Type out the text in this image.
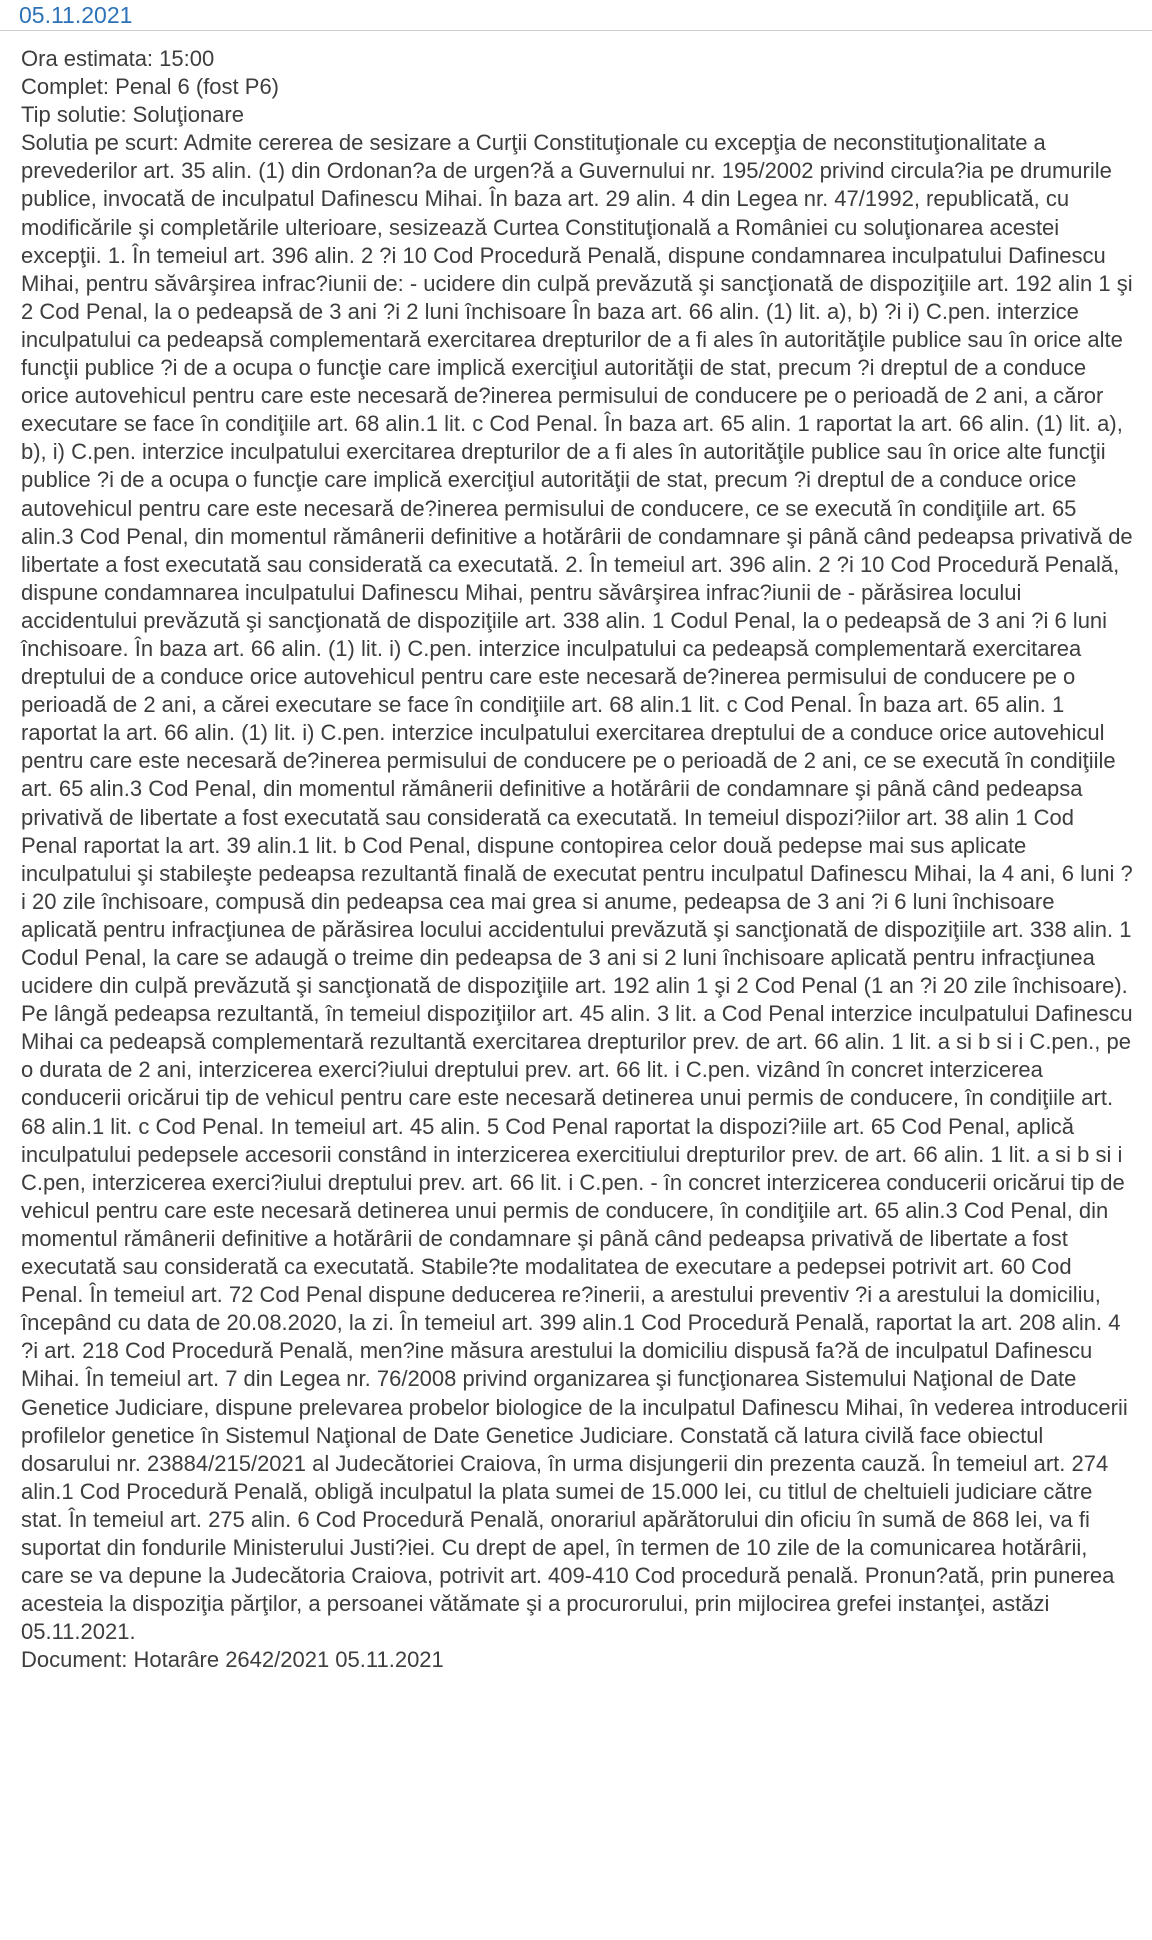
05.11.2021

Ora estimata: 15:00

Complet: Penal 6 (fost P6)

Tip solutie: Soluţionare

Solutia pe scurt: Admite cererea de sesizare a Curţii Constituţionale cu excepţia de neconstituţionalitate a prevederilor art. 35 alin. (1) din Ordonan?a de urgen?ă a Guvernului nr. 195/2002 privind circula?ia pe drumurile publice, invocată de inculpatul Dafinescu Mihai. În baza art. 29 alin. 4 din Legea nr. 47/1992, republicată, cu modificările şi completările ulterioare, sesizează Curtea Constituţională a României cu soluţionarea acestei excepţii. 1. În temeiul art. 396 alin. 2 ?i 10 Cod Procedură Penală, dispune condamnarea inculpatului Dafinescu Mihai, pentru săvârşirea infrac?iunii de: - ucidere din culpă prevăzută şi sancţionată de dispoziţiile art. 192 alin 1 şi 2 Cod Penal, la o pedeapsă de 3 ani ?i 2 luni închisoare În baza art. 66 alin. (1) lit. a), b) ?i i) C.pen. interzice inculpatului ca pedeapsă complementară exercitarea drepturilor de a fi ales în autorităţile publice sau în orice alte funcţii publice ?i de a ocupa o funcţie care implică exerciţiul autorităţii de stat, precum ?i dreptul de a conduce orice autovehicul pentru care este necesară de?inerea permisului de conducere pe o perioadă de 2 ani, a căror executare se face în condiţiile art. 68 alin.1 lit. c Cod Penal. În baza art. 65 alin. 1 raportat la art. 66 alin. (1) lit. a), b), i) C.pen. interzice inculpatului exercitarea drepturilor de a fi ales în autorităţile publice sau în orice alte funcţii publice ?i de a ocupa o funcţie care implică exerciţiul autorităţii de stat, precum ?i dreptul de a conduce orice autovehicul pentru care este necesară de?inerea permisului de conducere, ce se execută în condiţiile art. 65 alin.3 Cod Penal, din momentul rămânerii definitive a hotărârii de condamnare şi până când pedeapsa privativă de libertate a fost executată sau considerată ca executată. 2. În temeiul art. 396 alin. 2 ?i 10 Cod Procedură Penală, dispune condamnarea inculpatului Dafinescu Mihai, pentru săvârşirea infrac?iunii de - părăsirea locului accidentului prevăzută şi sancţionată de dispoziţiile art. 338 alin. 1 Codul Penal, la o pedeapsă de 3 ani ?i 6 luni închisoare. În baza art. 66 alin. (1) lit. i) C.pen. interzice inculpatului ca pedeapsă complementară exercitarea dreptului de a conduce orice autovehicul pentru care este necesară de?inerea permisului de conducere pe o perioadă de 2 ani, a cărei executare se face în condiţiile art. 68 alin.1 lit. c Cod Penal. În baza art. 65 alin. 1 raportat la art. 66 alin. (1) lit. i) C.pen. interzice inculpatului exercitarea dreptului de a conduce orice autovehicul pentru care este necesară de?inerea permisului de conducere pe o perioadă de 2 ani, ce se execută în condiţiile art. 65 alin.3 Cod Penal, din momentul rămânerii definitive a hotărârii de condamnare şi până când pedeapsa privativă de libertate a fost executată sau considerată ca executată. In temeiul dispozi?iilor art. 38 alin 1 Cod Penal raportat la art. 39 alin.1 lit. b Cod Penal, dispune contopirea celor două pedepse mai sus aplicate inculpatului şi stabileşte pedeapsa rezultantă finală de executat pentru inculpatul Dafinescu Mihai, la 4 ani, 6 luni ?i 20 zile închisoare, compusă din pedeapsa cea mai grea si anume, pedeapsa de 3 ani ?i 6 luni închisoare aplicată pentru infracţiunea de părăsirea locului accidentului prevăzută şi sancţionată de dispoziţiile art. 338 alin. 1 Codul Penal, la care se adaugă o treime din pedeapsa de 3 ani si 2 luni închisoare aplicată pentru infracţiunea ucidere din culpă prevăzută şi sancţionată de dispoziţiile art. 192 alin 1 şi 2 Cod Penal (1 an ?i 20 zile închisoare). Pe lângă pedeapsa rezultantă, în temeiul dispoziţiilor art. 45 alin. 3 lit. a Cod Penal interzice inculpatului Dafinescu Mihai ca pedeapsă complementară rezultantă exercitarea drepturilor prev. de art. 66 alin. 1 lit. a si b si i C.pen., pe o durata de 2 ani, interzicerea exerci?iului dreptului prev. art. 66 lit. i C.pen. vizând în concret interzicerea conducerii oricărui tip de vehicul pentru care este necesară detinerea unui permis de conducere, în condiţiile art. 68 alin.1 lit. c Cod Penal. In temeiul art. 45 alin. 5 Cod Penal raportat la dispozi?iile art. 65 Cod Penal, aplică inculpatului pedepsele accesorii constând in interzicerea exercitiului drepturilor prev. de art. 66 alin. 1 lit. a si b si i C.pen, interzicerea exerci?iului dreptului prev. art. 66 lit. i C.pen. - în concret interzicerea conducerii oricărui tip de vehicul pentru care este necesară detinerea unui permis de conducere, în condiţiile art. 65 alin.3 Cod Penal, din momentul rămânerii definitive a hotărârii de condamnare şi până când pedeapsa privativă de libertate a fost executată sau considerată ca executată. Stabile?te modalitatea de executare a pedepsei potrivit art. 60 Cod Penal. În temeiul art. 72 Cod Penal dispune deducerea re?inerii, a arestului preventiv ?i a arestului la domiciliu, începând cu data de 20.08.2020, la zi. În temeiul art. 399 alin.1 Cod Procedură Penală, raportat la art. 208 alin. 4 ?i art. 218 Cod Procedură Penală, men?ine măsura arestului la domiciliu dispusă fa?ă de inculpatul Dafinescu Mihai. În temeiul art. 7 din Legea nr. 76/2008 privind organizarea şi funcţionarea Sistemului Naţional de Date Genetice Judiciare, dispune prelevarea probelor biologice de la inculpatul Dafinescu Mihai, în vederea introducerii profilelor genetice în Sistemul Naţional de Date Genetice Judiciare. Constată că latura civilă face obiectul dosarului nr. 23884/215/2021 al Judecătoriei Craiova, în urma disjungerii din prezenta cauză. În temeiul art. 274 alin.1 Cod Procedură Penală, obligă inculpatul la plata sumei de 15.000 lei, cu titlul de cheltuieli judiciare către stat. În temeiul art. 275 alin. 6 Cod Procedură Penală, onorariul apărătorului din oficiu în sumă de 868 lei, va fi suportat din fondurile Ministerului Justi?iei. Cu drept de apel, în termen de 10 zile de la comunicarea hotărârii, care se va depune la Judecătoria Craiova, potrivit art. 409-410 Cod procedură penală. Pronun?ată, prin punerea acesteia la dispoziţia părţilor, a persoanei vătămate şi a procurorului, prin mijlocirea grefei instanţei, astăzi 05.11.2021.

Document: Hotarâre 2642/2021 05.11.2021
